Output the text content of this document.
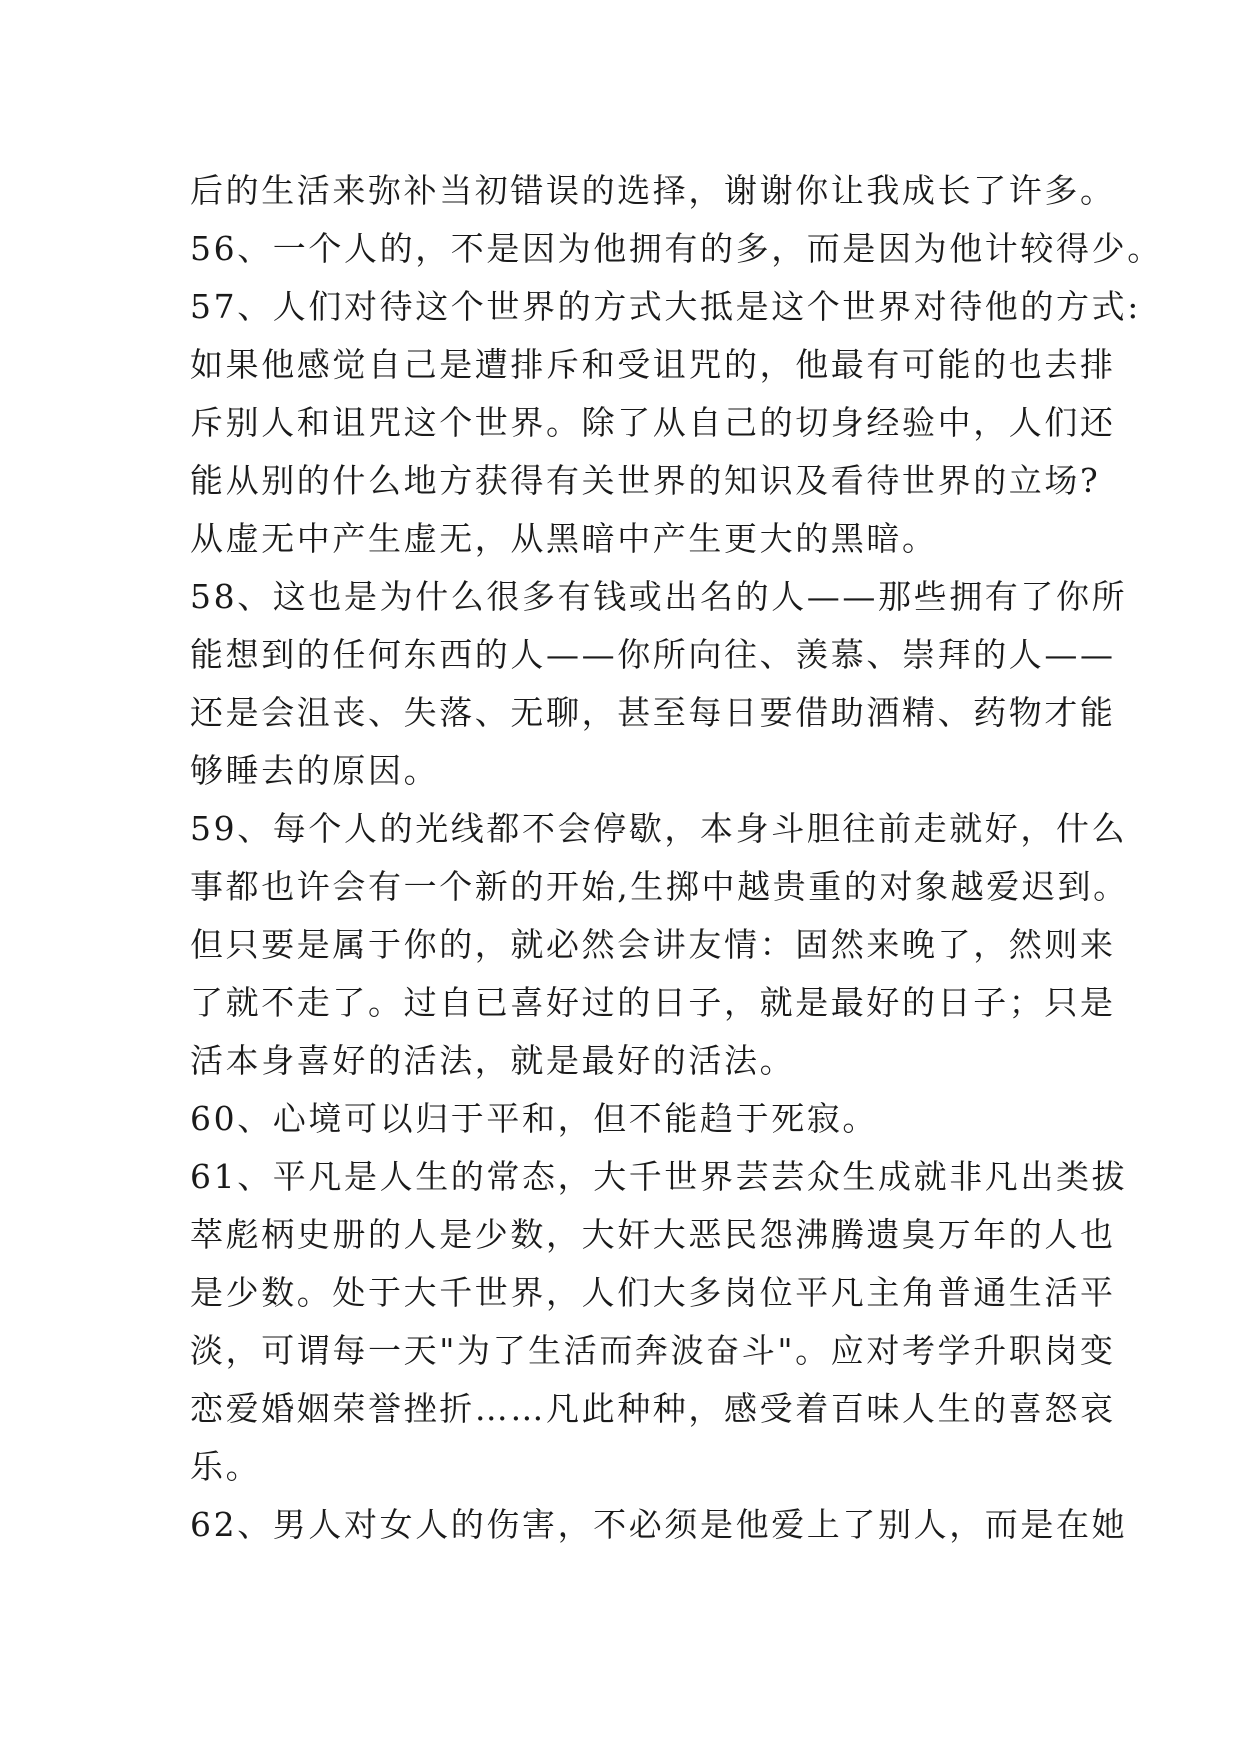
后的生活来弥补当初错误的选择，谢谢你让我成长了许多。
56、一个人的，不是因为他拥有的多，而是因为他计较得少。
57、人们对待这个世界的方式大抵是这个世界对待他的方式:
如果他感觉自己是遭排斥和受诅咒的，他最有可能的也去排
斥别人和诅咒这个世界。除了从自己的切身经验中，人们还
能从别的什么地方获得有关世界的知识及看待世界的立场?
从虚无中产生虚无，从黑暗中产生更大的黑暗。
58、这也是为什么很多有钱或出名的人——那些拥有了你所
能想到的任何东西的人——你所向往、羡慕、崇拜的人——
还是会沮丧、失落、无聊，甚至每日要借助酒精、药物才能
够睡去的原因。
59、每个人的光线都不会停歇，本身斗胆往前走就好，什么
事都也许会有一个新的开始,生掷中越贵重的对象越爱迟到。
但只要是属于你的，就必然会讲友情：固然来晚了，然则来
了就不走了。过自已喜好过的日子，就是最好的日子；只是
活本身喜好的活法，就是最好的活法。
60、心境可以归于平和，但不能趋于死寂。
61、平凡是人生的常态，大千世界芸芸众生成就非凡出类拔
萃彪柄史册的人是少数，大奸大恶民怨沸腾遗臭万年的人也
是少数。处于大千世界，人们大多岗位平凡主角普通生活平
淡，可谓每一天"为了生活而奔波奋斗"。应对考学升职岗变
恋爱婚姻荣誉挫折……凡此种种，感受着百味人生的喜怒哀
乐。
62、男人对女人的伤害，不必须是他爱上了别人，而是在她
